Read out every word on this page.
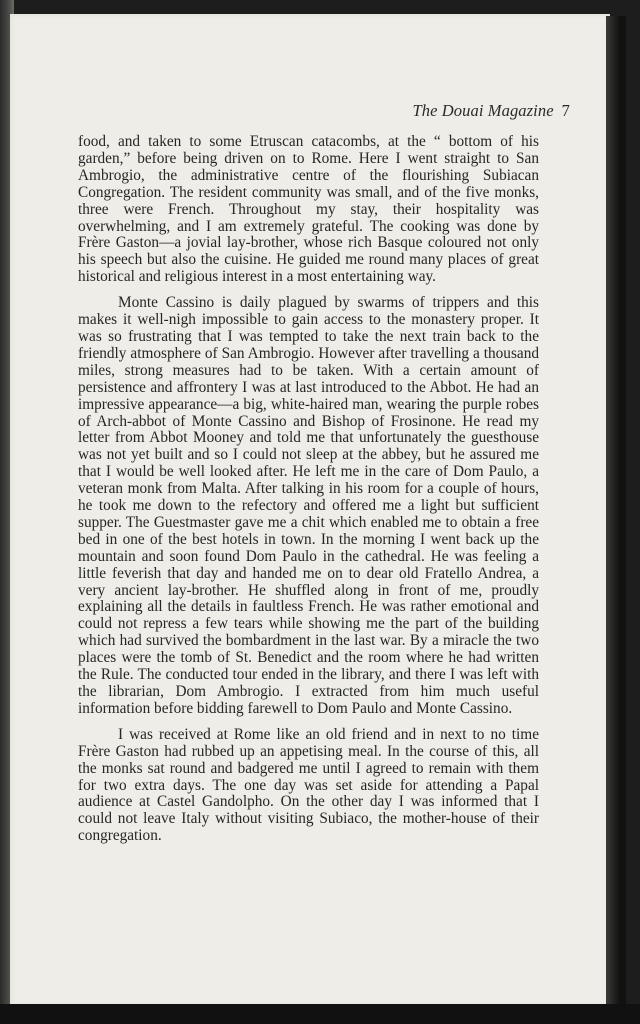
The Douai Magazine 7

food, and taken to some Etruscan catacombs, at the “ bottom of his garden,” before being driven on to Rome. Here I went straight to San Ambrogio, the administrative centre of the flourishing Subiacan Congregation. The resident community was small, and of the five monks, three were French. Throughout my stay, their hospitality was overwhelming, and I am extremely grateful. The cooking was done by Frère Gaston—a jovial lay-brother, whose rich Basque coloured not only his speech but also the cuisine. He guided me round many places of great historical and religious interest in a most entertaining way.

Monte Cassino is daily plagued by swarms of trippers and this makes it well-nigh impossible to gain access to the monastery proper. It was so frustrating that I was tempted to take the next train back to the friendly atmosphere of San Ambrogio. However after travelling a thousand miles, strong measures had to be taken. With a certain amount of persistence and affrontery I was at last introduced to the Abbot. He had an impressive appearance—a big, white-haired man, wearing the purple robes of Arch-abbot of Monte Cassino and Bishop of Frosinone. He read my letter from Abbot Mooney and told me that unfortunately the guesthouse was not yet built and so I could not sleep at the abbey, but he assured me that I would be well looked after. He left me in the care of Dom Paulo, a veteran monk from Malta. After talking in his room for a couple of hours, he took me down to the refectory and offered me a light but sufficient supper. The Guestmaster gave me a chit which enabled me to obtain a free bed in one of the best hotels in town. In the morning I went back up the mountain and soon found Dom Paulo in the cathedral. He was feeling a little feverish that day and handed me on to dear old Fratello Andrea, a very ancient lay-brother. He shuffled along in front of me, proudly explaining all the details in faultless French. He was rather emotional and could not repress a few tears while showing me the part of the building which had survived the bombardment in the last war. By a miracle the two places were the tomb of St. Benedict and the room where he had written the Rule. The conducted tour ended in the library, and there I was left with the librarian, Dom Ambrogio. I extracted from him much useful information before bidding farewell to Dom Paulo and Monte Cassino.

I was received at Rome like an old friend and in next to no time Frère Gaston had rubbed up an appetising meal. In the course of this, all the monks sat round and badgered me until I agreed to remain with them for two extra days. The one day was set aside for attending a Papal audience at Castel Gandolpho. On the other day I was informed that I could not leave Italy without visiting Subiaco, the mother-house of their congregation.
